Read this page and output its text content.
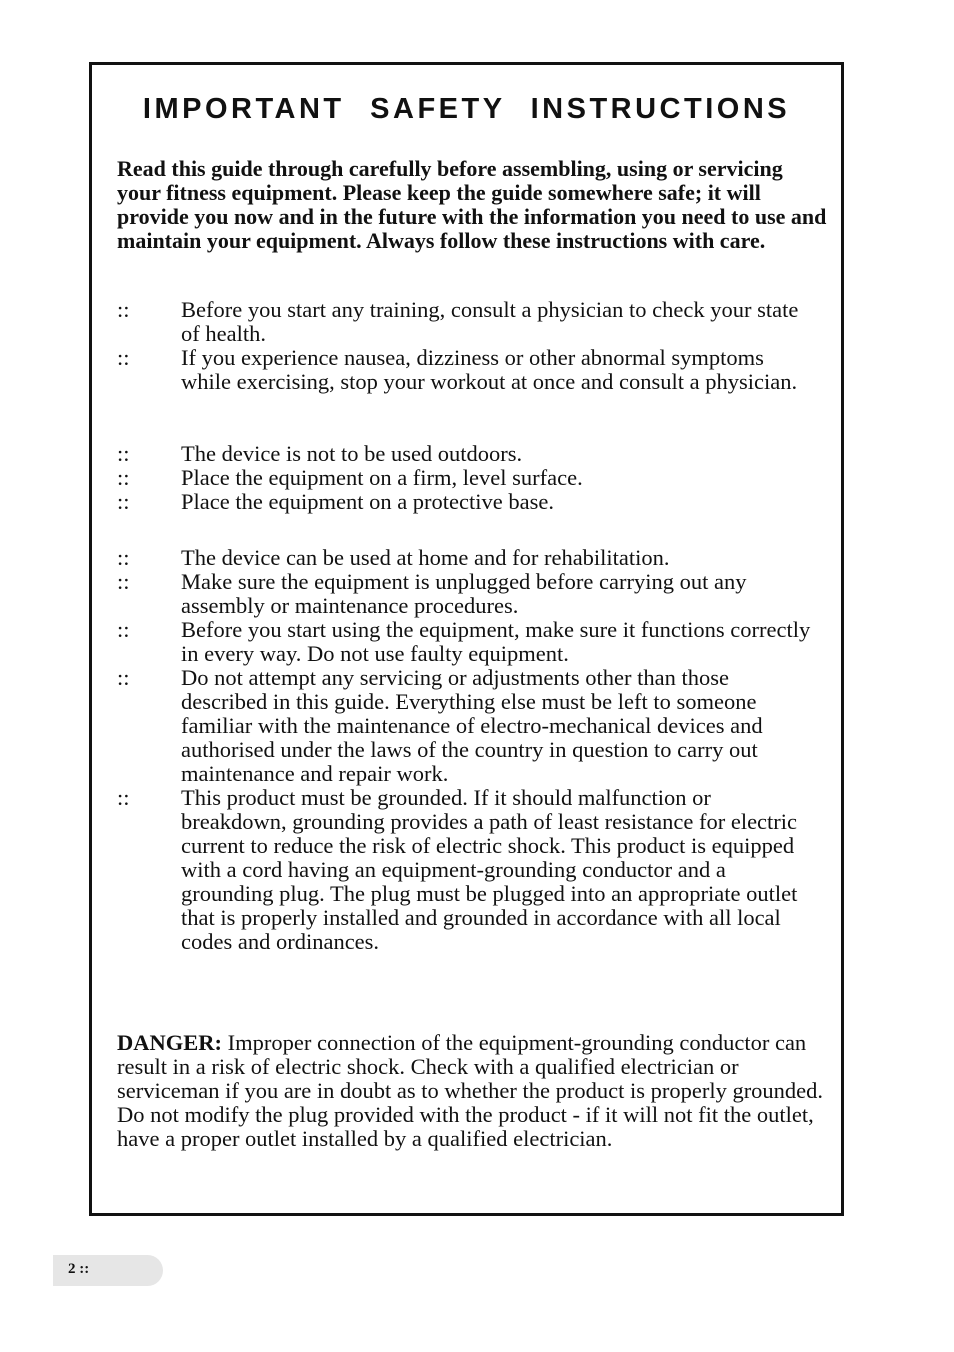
IMPORTANT SAFETY INSTRUCTIONS

Read this guide through carefully before assembling, using or servicing your fitness equipment. Please keep the guide somewhere safe; it will provide you now and in the future with the information you need to use and maintain your equipment. Always follow these instructions with care.

:: Before you start any training, consult a physician to check your state of health.
:: If you experience nausea, dizziness or other abnormal symptoms while exercising, stop your workout at once and consult a physician.
:: The device is not to be used outdoors.
:: Place the equipment on a firm, level surface.
:: Place the equipment on a protective base.
:: The device can be used at home and for rehabilitation.
:: Make sure the equipment is unplugged before carrying out any assembly or maintenance procedures.
:: Before you start using the equipment, make sure it functions correctly in every way. Do not use faulty equipment.
:: Do not attempt any servicing or adjustments other than those described in this guide. Everything else must be left to someone familiar with the maintenance of electro-mechanical devices and authorised under the laws of the country in question to carry out maintenance and repair work.
:: This product must be grounded. If it should malfunction or breakdown, grounding provides a path of least resistance for electric current to reduce the risk of electric shock. This product is equipped with a cord having an equipment-grounding conductor and a grounding plug. The plug must be plugged into an appropriate outlet that is properly installed and grounded in accordance with all local codes and ordinances.

DANGER: Improper connection of the equipment-grounding conductor can result in a risk of electric shock. Check with a qualified electrician or serviceman if you are in doubt as to whether the product is properly grounded. Do not modify the plug provided with the product - if it will not fit the outlet, have a proper outlet installed by a qualified electrician.

2 ::
